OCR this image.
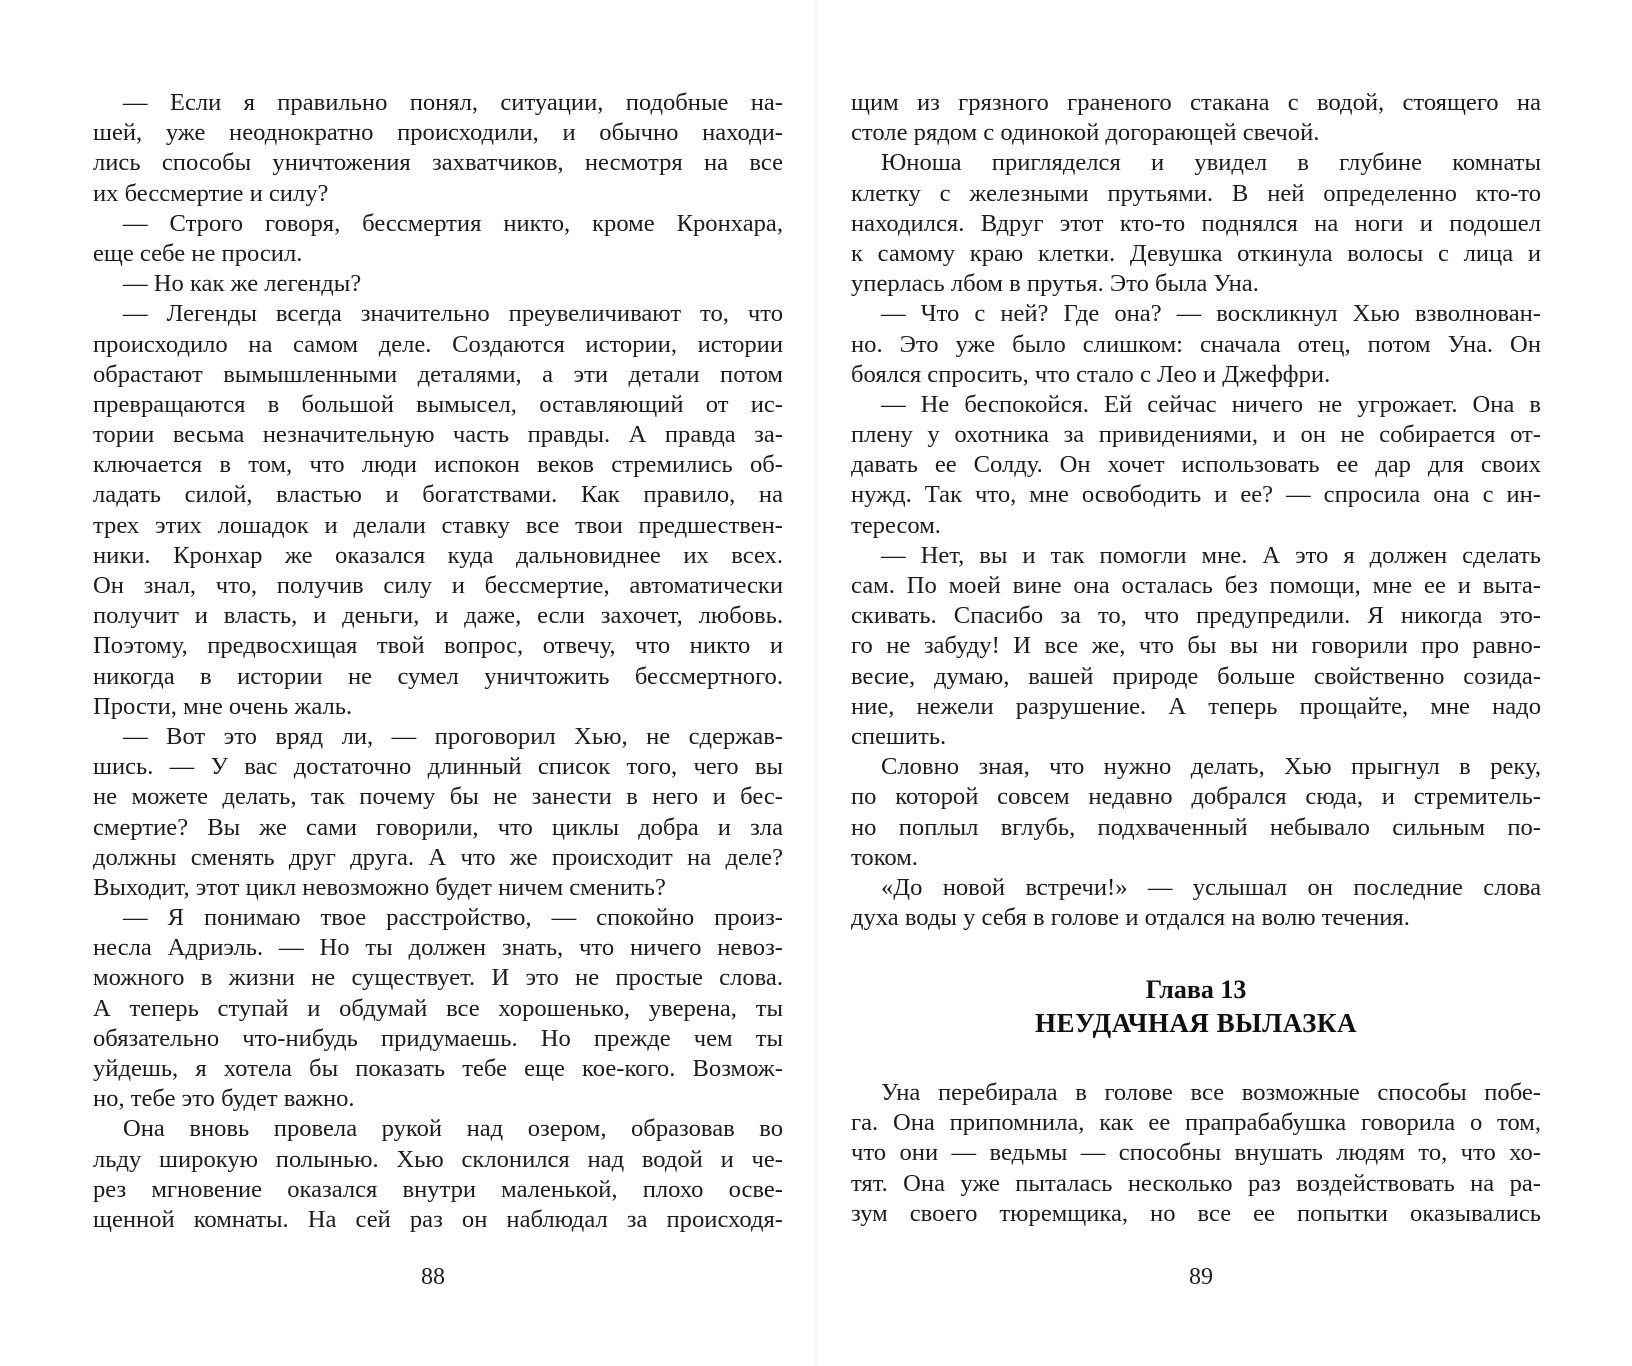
— Если я правильно понял, ситуации, подобные на-
шей, уже неоднократно происходили, и обычно находи-
лись способы уничтожения захватчиков, несмотря на все
их бессмертие и силу?
— Строго говоря, бессмертия никто, кроме Кронхара,
еще себе не просил.
— Но как же легенды?
— Легенды всегда значительно преувеличивают то, что
происходило на самом деле. Создаются истории, истории
обрастают вымышленными деталями, а эти детали потом
превращаются в большой вымысел, оставляющий от ис-
тории весьма незначительную часть правды. А правда за-
ключается в том, что люди испокон веков стремились об-
ладать силой, властью и богатствами. Как правило, на
трех этих лошадок и делали ставку все твои предшествен-
ники. Кронхар же оказался куда дальновиднее их всех.
Он знал, что, получив силу и бессмертие, автоматически
получит и власть, и деньги, и даже, если захочет, любовь.
Поэтому, предвосхищая твой вопрос, отвечу, что никто и
никогда в истории не сумел уничтожить бессмертного.
Прости, мне очень жаль.
— Вот это вряд ли, — проговорил Хью, не сдержав-
шись. — У вас достаточно длинный список того, чего вы
не можете делать, так почему бы не занести в него и бес-
смертие? Вы же сами говорили, что циклы добра и зла
должны сменять друг друга. А что же происходит на деле?
Выходит, этот цикл невозможно будет ничем сменить?
— Я понимаю твое расстройство, — спокойно произ-
несла Адриэль. — Но ты должен знать, что ничего невоз-
можного в жизни не существует. И это не простые слова.
А теперь ступай и обдумай все хорошенько, уверена, ты
обязательно что-нибудь придумаешь. Но прежде чем ты
уйдешь, я хотела бы показать тебе еще кое-кого. Возмож-
но, тебе это будет важно.
Она вновь провела рукой над озером, образовав во
льду широкую полынью. Хью склонился над водой и че-
рез мгновение оказался внутри маленькой, плохо осве-
щенной комнаты. На сей раз он наблюдал за происходя-
88
щим из грязного граненого стакана с водой, стоящего на
столе рядом с одинокой догорающей свечой.
Юноша пригляделся и увидел в глубине комнаты
клетку с железными прутьями. В ней определенно кто-то
находился. Вдруг этот кто-то поднялся на ноги и подошел
к самому краю клетки. Девушка откинула волосы с лица и
уперлась лбом в прутья. Это была Уна.
— Что с ней? Где она? — воскликнул Хью взволнован-
но. Это уже было слишком: сначала отец, потом Уна. Он
боялся спросить, что стало с Лео и Джеффри.
— Не беспокойся. Ей сейчас ничего не угрожает. Она в
плену у охотника за привидениями, и он не собирается от-
давать ее Солду. Он хочет использовать ее дар для своих
нужд. Так что, мне освободить и ее? — спросила она с ин-
тересом.
— Нет, вы и так помогли мне. А это я должен сделать
сам. По моей вине она осталась без помощи, мне ее и выта-
скивать. Спасибо за то, что предупредили. Я никогда это-
го не забуду! И все же, что бы вы ни говорили про равно-
весие, думаю, вашей природе больше свойственно созида-
ние, нежели разрушение. А теперь прощайте, мне надо
спешить.
Словно зная, что нужно делать, Хью прыгнул в реку,
по которой совсем недавно добрался сюда, и стремитель-
но поплыл вглубь, подхваченный небывало сильным по-
током.
«До новой встречи!» — услышал он последние слова
духа воды у себя в голове и отдался на волю течения.
Глава 13
НЕУДАЧНАЯ ВЫЛАЗКА
Уна перебирала в голове все возможные способы побе-
га. Она припомнила, как ее прапрабабушка говорила о том,
что они — ведьмы — способны внушать людям то, что хо-
тят. Она уже пыталась несколько раз воздействовать на ра-
зум своего тюремщика, но все ее попытки оказывались
89
